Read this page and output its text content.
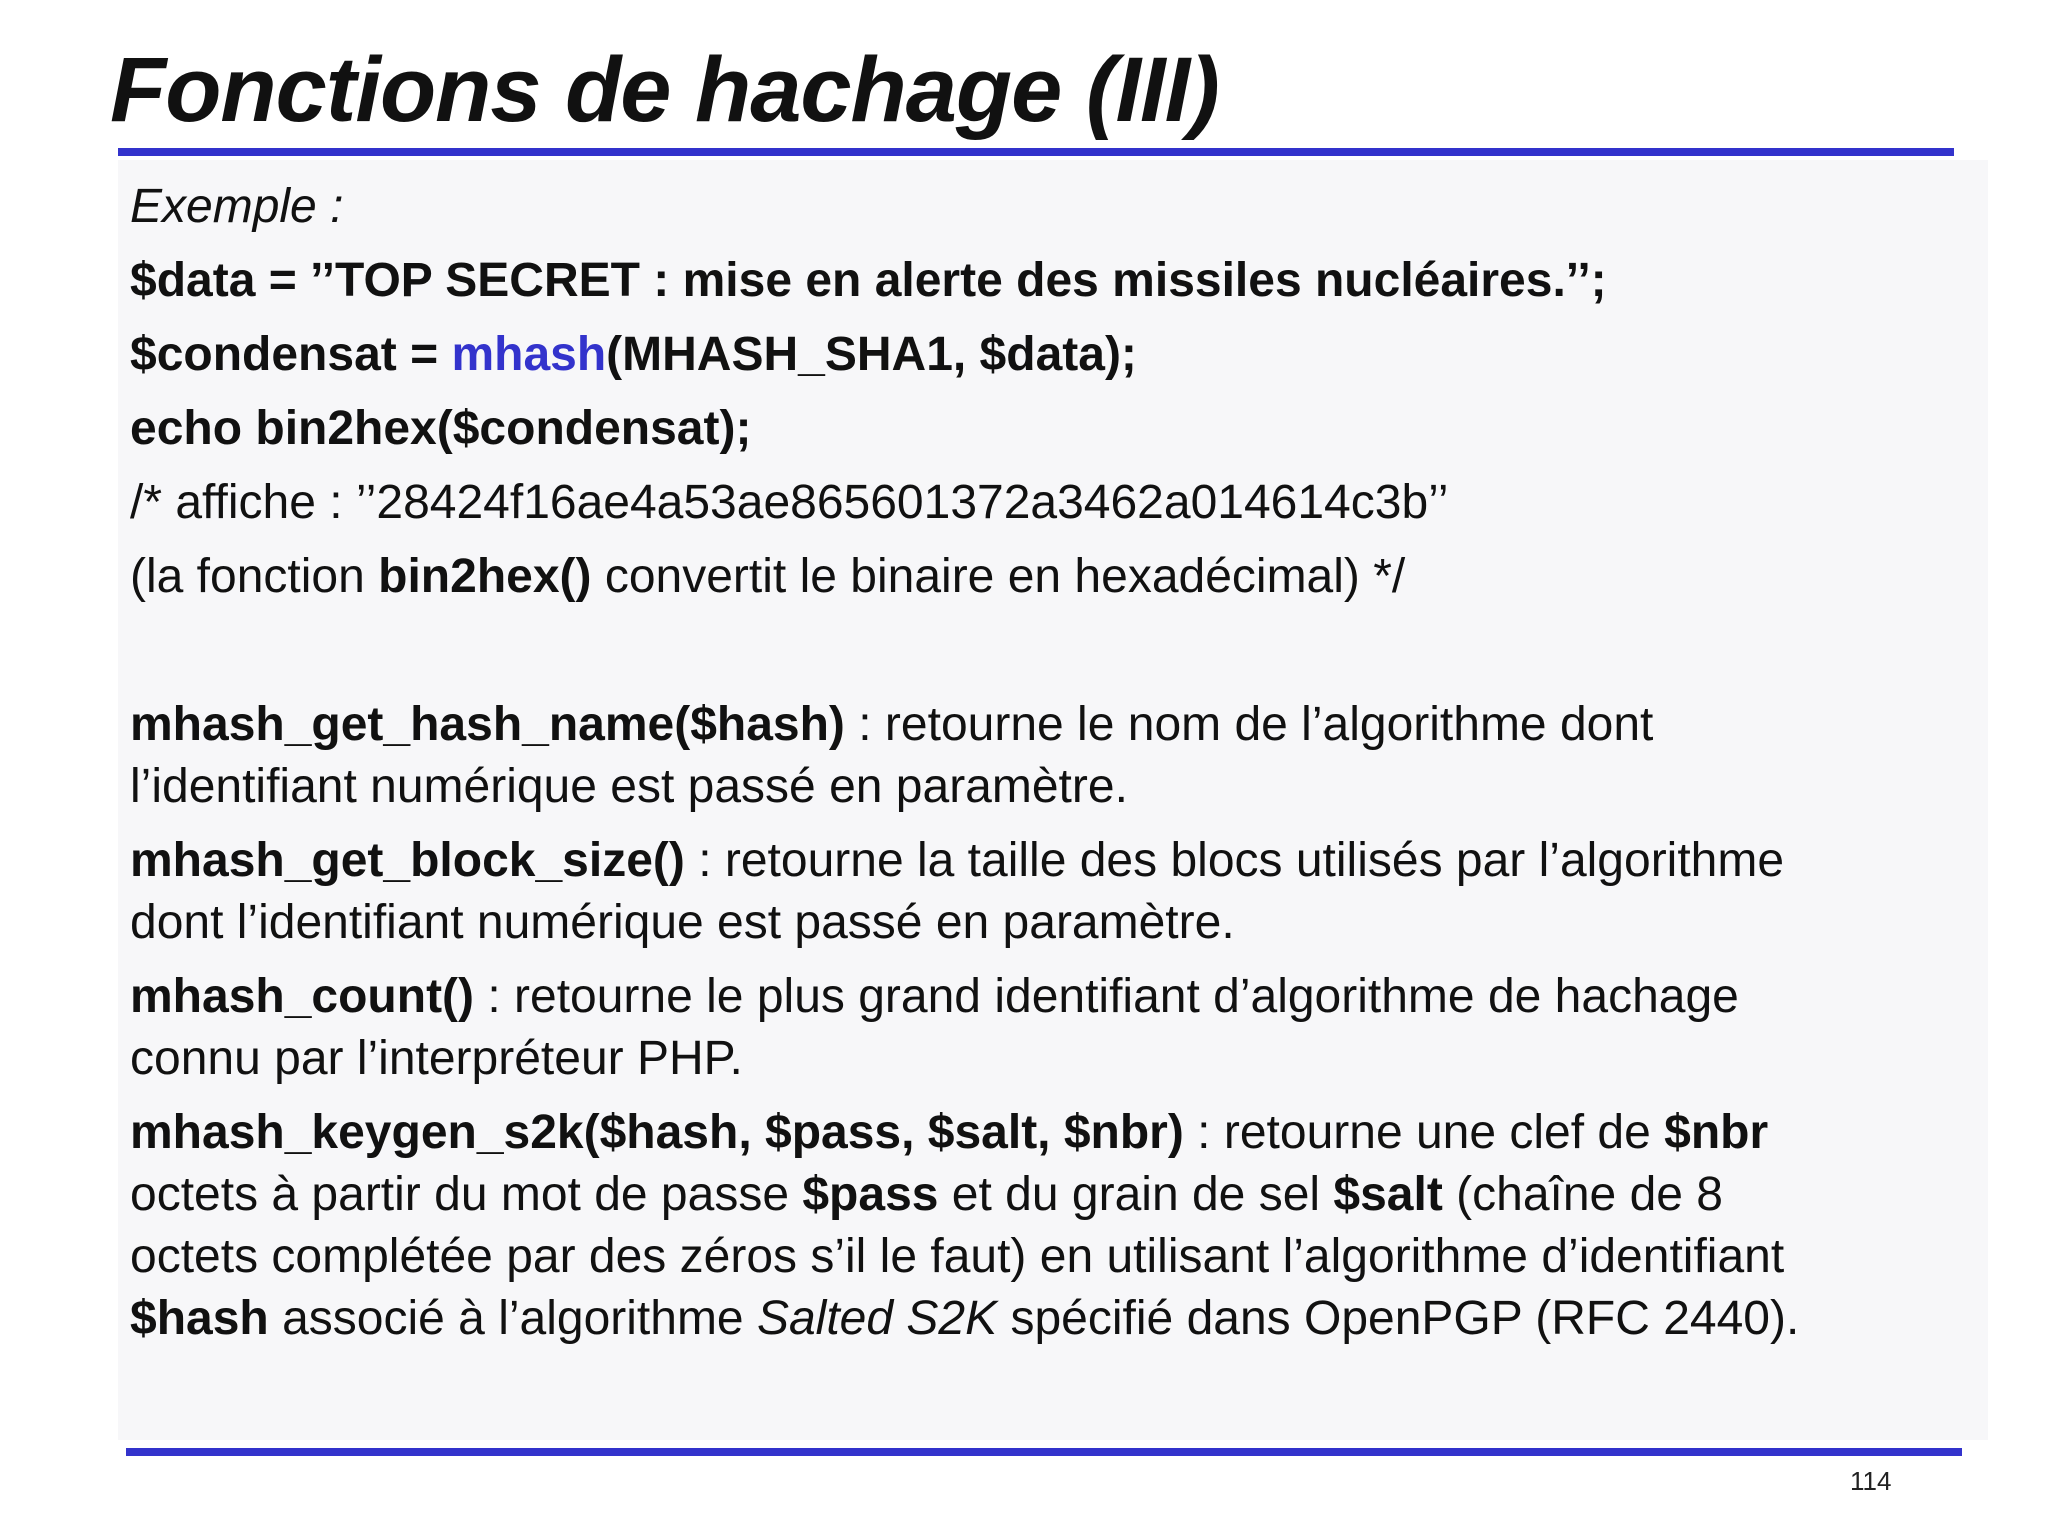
Fonctions de hachage (III)
Exemple :
$data = ’’TOP SECRET : mise en alerte des missiles nucléaires.’’;
$condensat = mhash(MHASH_SHA1, $data);
echo bin2hex($condensat);
/* affiche : ’’28424f16ae4a53ae865601372a3462a014614c3b’’
(la fonction bin2hex() convertit le binaire en hexadécimal) */
mhash_get_hash_name($hash) : retourne le nom de l’algorithme dont
l’identifiant numérique est passé en paramètre.
mhash_get_block_size() : retourne la taille des blocs utilisés par l’algorithme
dont l’identifiant numérique est passé en paramètre.
mhash_count() : retourne le plus grand identifiant d’algorithme de hachage
connu par l’interpréteur PHP.
mhash_keygen_s2k($hash, $pass, $salt, $nbr) : retourne une clef de $nbr
octets à partir du mot de passe $pass et du grain de sel $salt (chaîne de 8
octets complétée par des zéros s’il le faut) en utilisant l’algorithme d’identifiant
$hash associé à l’algorithme Salted S2K spécifié dans OpenPGP (RFC 2440).
114
